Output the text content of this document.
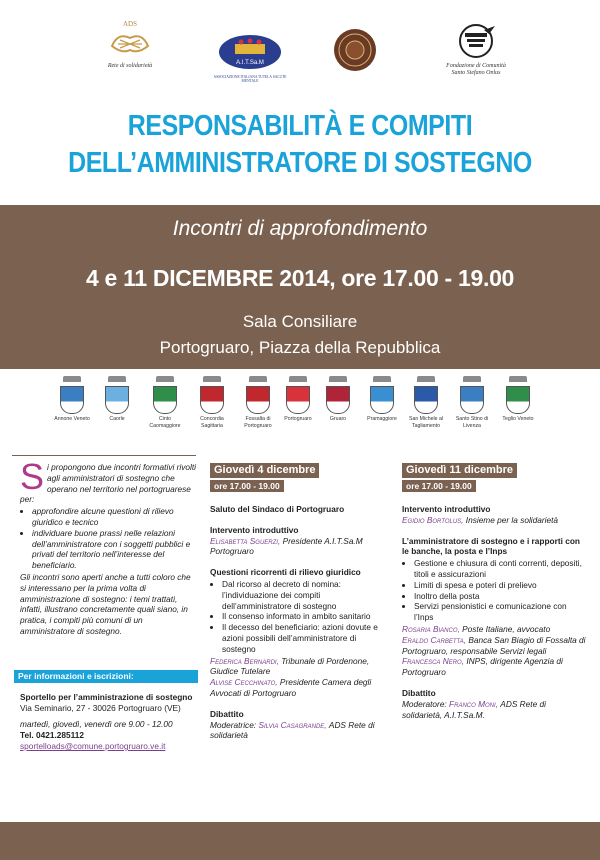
ADS
Rete di solidarietà	A.I.T.Sa.M
ASSOCIAZIONE ITALIANA TUTELA SALUTE MENTALE
Fondazione di Comunità Santo Stefano Onlus
RESPONSABILITÀ E COMPITI
DELL’AMMINISTRATORE DI SOSTEGNO
Incontri di approfondimento
4 e 11 DICEMBRE 2014, ore 17.00 - 19.00
Sala Consiliare
Portogruaro, Piazza della Repubblica
Annone Veneto	Caorle	Cinto Caomaggiore
Concordia Sagittaria
Fossalta di Portogruaro
Portogruaro	Gruaro	Pramaggiore	San Michele al Tagliamento
Santo Stino di Livenza
Teglio Veneto

Si propongono due incontri formativi rivolti agli amministratori di sostegno che operano nel territorio nel portogruarese per:

• approfondire alcune questioni di rilievo giuridico e tecnico
• individuare buone prassi nelle relazioni dell’amministratore con i soggetti pubblici e privati del territorio nell’interesse del beneficiario.

Gli incontri sono aperti anche a tutti coloro che si interessano per la prima volta di amministrazione di sostegno: i temi trattati, infatti, illustrano concretamente quali siano, in pratica, i compiti più comuni di un amministratore di sostegno.

Per informazioni e iscrizioni:
Sportello per l’amministrazione di sostegno
Via Seminario, 27 - 30026 Portogruaro (VE)
martedì, giovedì, venerdì ore 9.00 - 12.00
Tel. 0421.285112
sportelloads@comune.portogruaro.ve.it
Giovedì 4 dicembre
ore 17.00 - 19.00
Saluto del Sindaco di Portogruaro
Intervento introduttivo
Elisabetta Sguerzi, Presidente A.I.T.Sa.M Portogruaro
Questioni ricorrenti di rilievo giuridico
• Dal ricorso al decreto di nomina: l’individuazione dei compiti dell’amministratore di sostegno
• Il consenso informato in ambito sanitario
• Il decesso del beneficiario: azioni dovute e azioni possibili dell’amministratore di sostegno
Federica Bernardi, Tribunale di Pordenone, Giudice Tutelare
Alvise Cecchinato, Presidente Camera degli Avvocati di Portogruaro
Dibattito
Moderatrice: Silvia Casagrande, ADS Rete di solidarietà
Giovedì 11 dicembre
ore 17.00 - 19.00
Intervento introduttivo
Egidio Bortolus, Insieme per la solidarietà
L’amministratore di sostegno e i rapporti con le banche, la posta e l’Inps
• Gestione e chiusura di conti correnti, depositi, titoli e assicurazioni
• Limiti di spesa e poteri di prelievo
• Inoltro della posta
• Servizi pensionistici e comunicazione con l’Inps
Rosaria Bianco, Poste Italiane, avvocato
Eraldo Carbetta, Banca San Biagio di Fossalta di Portogruaro, responsabile Servizi legali
Francesca Nero, INPS, dirigente Agenzia di Portogruaro
Dibattito
Moderatore: Franco Moni, ADS Rete di solidarietà, A.I.T.Sa.M.
